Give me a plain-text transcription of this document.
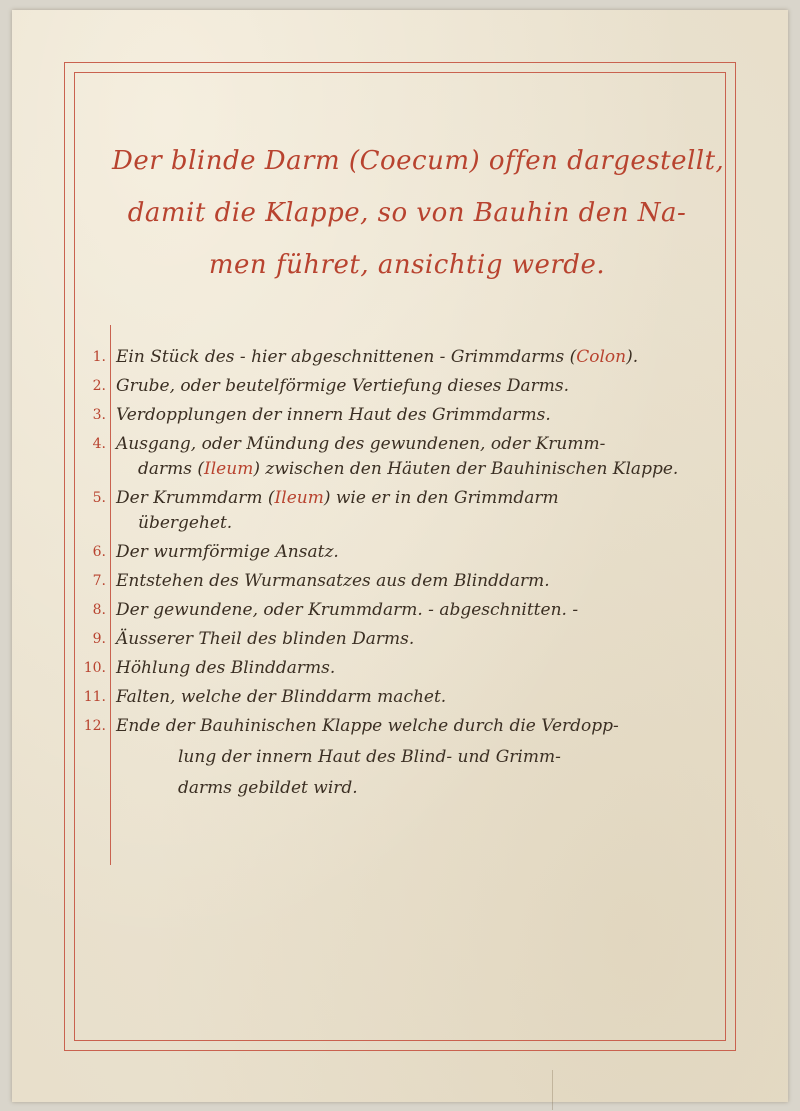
Der blinde Darm (Coecum) offen dargestellt,
damit die Klappe, so von Bauhin den Na-
men führet, ansichtig werde.
1. Ein Stück des - hier abgeschnittenen - Grimmdarms (Colon).
2. Grube, oder beutelförmige Vertiefung dieses Darms.
3. Verdopplungen der innern Haut des Grimmdarms.
4. Ausgang, oder Mündung des gewundenen, oder Krumm-
darms (Ileum) zwischen den Häuten der Bauhinischen Klappe.
5. Der Krummdarm (Ileum) wie er in den Grimmdarm
übergehet.
6. Der wurmförmige Ansatz.
7. Entstehen des Wurmansatzes aus dem Blinddarm.
8. Der gewundene, oder Krummdarm. - abgeschnitten. -
9. Äusserer Theil des blinden Darms.
10. Höhlung des Blinddarms.
11. Falten, welche der Blinddarm machet.
12. Ende der Bauhinischen Klappe welche durch die Verdopp-
lung der innern Haut des Blind- und Grimm-
darms gebildet wird.
